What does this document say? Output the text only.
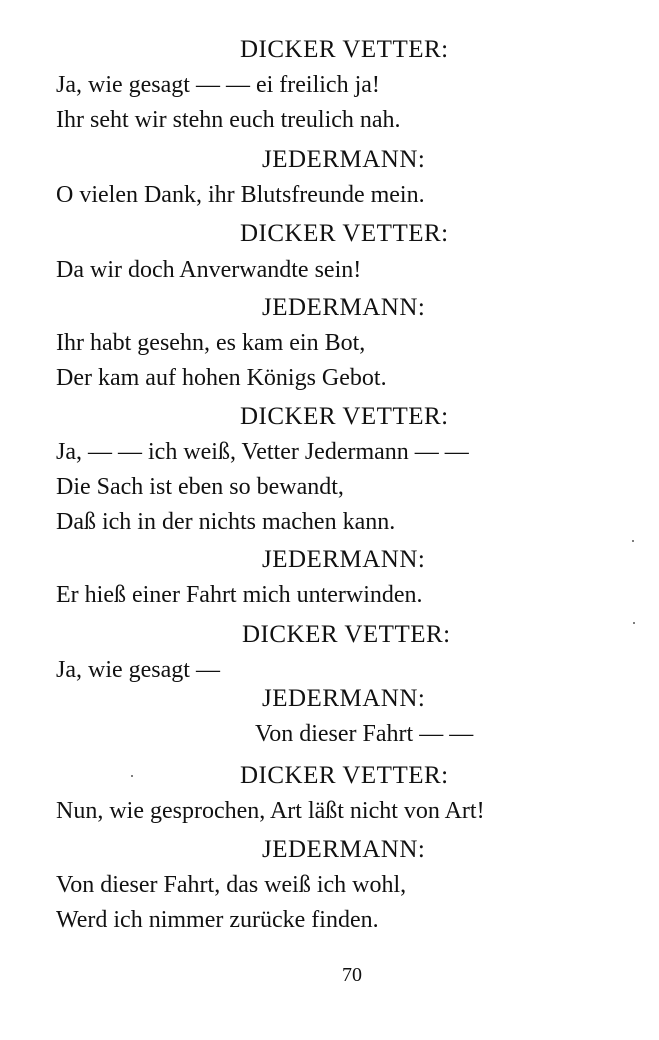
DICKER VETTER:
Ja, wie gesagt — — ei freilich ja!
Ihr seht wir stehn euch treulich nah.
JEDERMANN:
O vielen Dank, ihr Blutsfreunde mein.
DICKER VETTER:
Da wir doch Anverwandte sein!
JEDERMANN:
Ihr habt gesehn, es kam ein Bot,
Der kam auf hohen Königs Gebot.
DICKER VETTER:
Ja, — — ich weiß, Vetter Jedermann — —
Die Sach ist eben so bewandt,
Daß ich in der nichts machen kann.
JEDERMANN:
Er hieß einer Fahrt mich unterwinden.
DICKER VETTER:
Ja, wie gesagt —
JEDERMANN:
Von dieser Fahrt — —
DICKER VETTER:
Nun, wie gesprochen, Art läßt nicht von Art!
JEDERMANN:
Von dieser Fahrt, das weiß ich wohl,
Werd ich nimmer zurücke finden.
70
